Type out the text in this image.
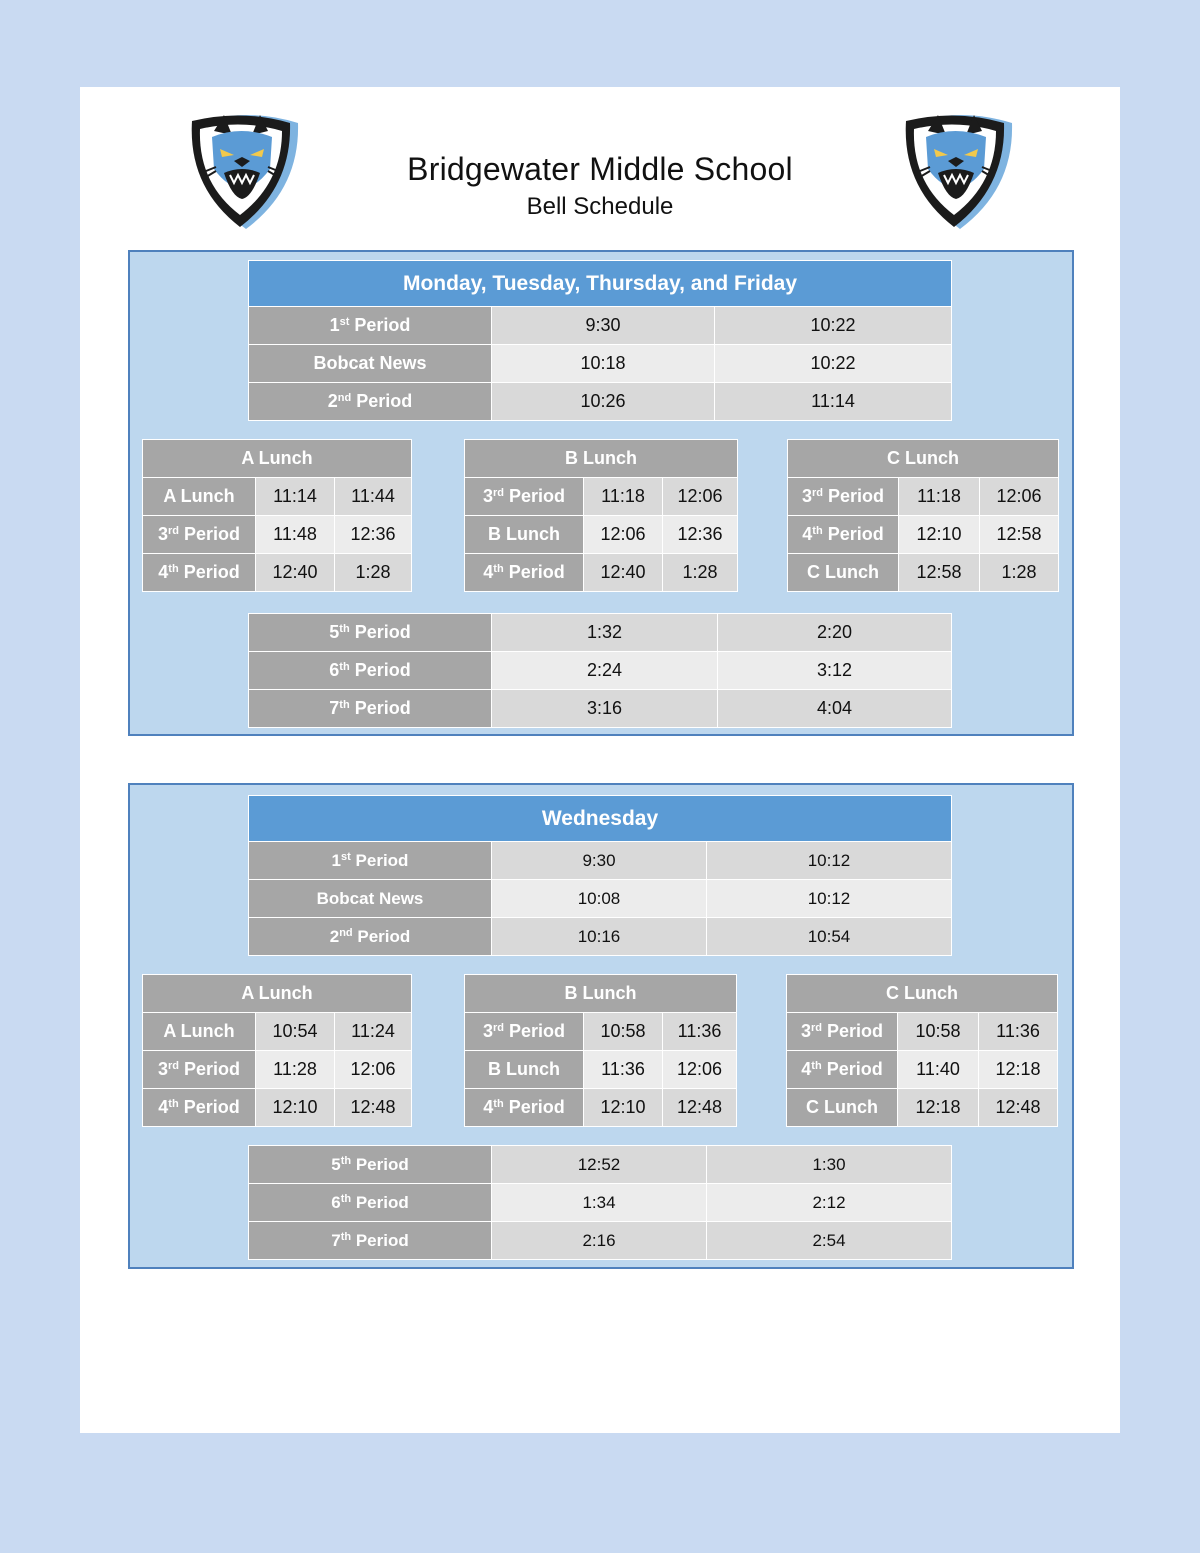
Bridgewater Middle School
Bell Schedule
Monday, Tuesday, Thursday, and Friday		
1st Period	9:30	10:22
Bobcat News	10:18	10:22
2nd Period	10:26	11:14
A Lunch		
A Lunch	11:14	11:44
3rd Period	11:48	12:36
4th Period	12:40	1:28
B Lunch		
3rd Period	11:18	12:06
B Lunch	12:06	12:36
4th Period	12:40	1:28
C Lunch		
3rd Period	11:18	12:06
4th Period	12:10	12:58
C Lunch	12:58	1:28
5th Period	1:32	2:20
6th Period	2:24	3:12
7th Period	3:16	4:04
Wednesday		
1st Period	9:30	10:12
Bobcat News	10:08	10:12
2nd Period	10:16	10:54
A Lunch		
A Lunch	10:54	11:24
3rd Period	11:28	12:06
4th Period	12:10	12:48
B Lunch		
3rd Period	10:58	11:36
B Lunch	11:36	12:06
4th Period	12:10	12:48
C Lunch		
3rd Period	10:58	11:36
4th Period	11:40	12:18
C Lunch	12:18	12:48
5th Period	12:52	1:30
6th Period	1:34	2:12
7th Period	2:16	2:54
